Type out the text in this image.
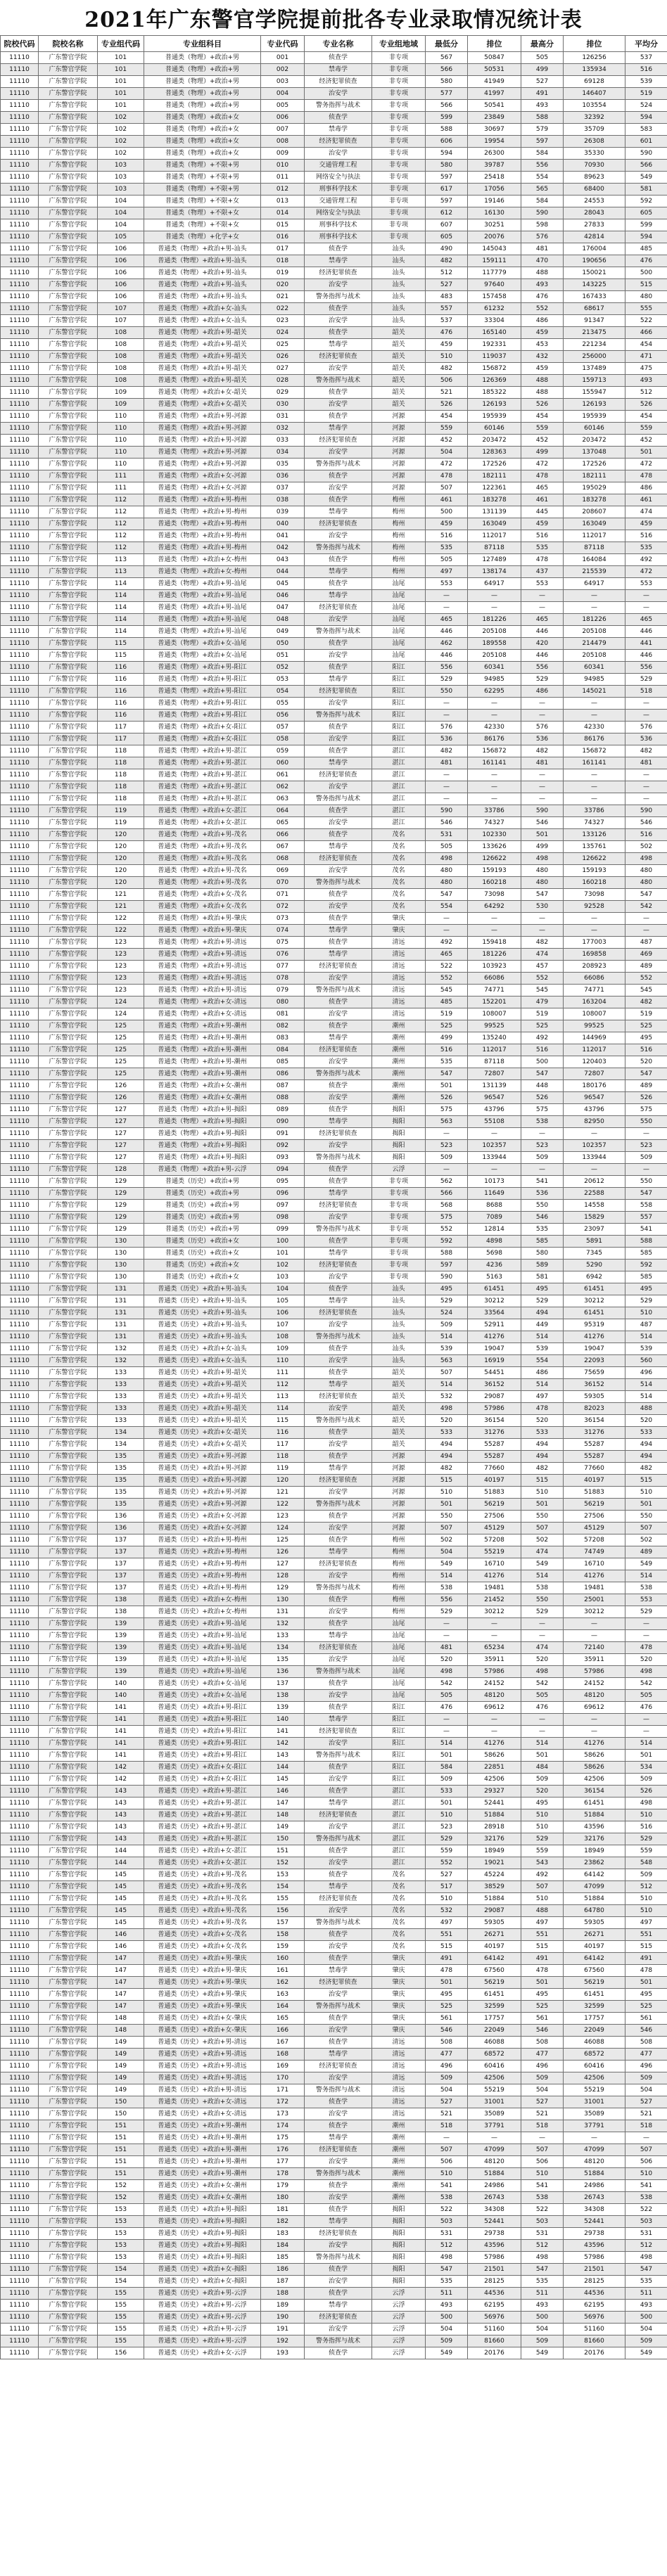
2021年广东警官学院提前批各专业录取情况统计表
院校代码	院校名称	专业组代码	专业组科目	专业代码	专业名称	专业组地域	最低分	排位	最高分	排位	平均分
11110	广东警官学院	101	普通类（物理）+政治+男	001	侦查学	非专项	567	50847	505	126256	537
11110	广东警官学院	101	普通类（物理）+政治+男	002	禁毒学	非专项	566	50531	499	135934	516
11110	广东警官学院	101	普通类（物理）+政治+男	003	经济犯罪侦查	非专项	580	41949	527	69128	539
11110	广东警官学院	101	普通类（物理）+政治+男	004	治安学	非专项	577	41997	491	146407	519
11110	广东警官学院	101	普通类（物理）+政治+男	005	警务指挥与战术	非专项	566	50541	493	103554	524
11110	广东警官学院	102	普通类（物理）+政治+女	006	侦查学	非专项	599	23849	588	32392	594
11110	广东警官学院	102	普通类（物理）+政治+女	007	禁毒学	非专项	588	30697	579	35709	583
11110	广东警官学院	102	普通类（物理）+政治+女	008	经济犯罪侦查	非专项	606	19954	597	26308	601
11110	广东警官学院	102	普通类（物理）+政治+女	009	治安学	非专项	594	26300	584	35330	590
11110	广东警官学院	103	普通类（物理）+不限+男	010	交通管理工程	非专项	580	39787	556	70930	566
11110	广东警官学院	103	普通类（物理）+不限+男	011	网络安全与执法	非专项	597	25418	554	89623	549
11110	广东警官学院	103	普通类（物理）+不限+男	012	刑事科学技术	非专项	617	17056	565	68400	581
11110	广东警官学院	104	普通类（物理）+不限+女	013	交通管理工程	非专项	597	19146	584	24553	592
11110	广东警官学院	104	普通类（物理）+不限+女	014	网络安全与执法	非专项	612	16130	590	28043	605
11110	广东警官学院	104	普通类（物理）+不限+女	015	刑事科学技术	非专项	607	30251	598	27833	599
11110	广东警官学院	105	普通类（物理）+化学+女	016	刑事科学技术	非专项	605	20076	576	42814	594
11110	广东警官学院	106	普通类（物理）+政治+男-汕头	017	侦查学	汕头	490	145043	481	176004	485
11110	广东警官学院	106	普通类（物理）+政治+男-汕头	018	禁毒学	汕头	482	159111	470	190656	476
11110	广东警官学院	106	普通类（物理）+政治+男-汕头	019	经济犯罪侦查	汕头	512	117779	488	150021	500
11110	广东警官学院	106	普通类（物理）+政治+男-汕头	020	治安学	汕头	527	97640	493	143225	515
11110	广东警官学院	106	普通类（物理）+政治+男-汕头	021	警务指挥与战术	汕头	483	157458	476	167433	480
11110	广东警官学院	107	普通类（物理）+政治+女-汕头	022	侦查学	汕头	557	61232	552	68617	555
11110	广东警官学院	107	普通类（物理）+政治+女-汕头	023	治安学	汕头	537	33304	486	91347	522
11110	广东警官学院	108	普通类（物理）+政治+男-韶关	024	侦查学	韶关	476	165140	459	213475	466
11110	广东警官学院	108	普通类（物理）+政治+男-韶关	025	禁毒学	韶关	459	192331	453	221234	454
11110	广东警官学院	108	普通类（物理）+政治+男-韶关	026	经济犯罪侦查	韶关	510	119037	432	256000	471
11110	广东警官学院	108	普通类（物理）+政治+男-韶关	027	治安学	韶关	482	156872	459	137489	475
11110	广东警官学院	108	普通类（物理）+政治+男-韶关	028	警务指挥与战术	韶关	506	126369	488	159713	493
11110	广东警官学院	109	普通类（物理）+政治+女-韶关	029	侦查学	韶关	521	185322	488	155947	512
11110	广东警官学院	109	普通类（物理）+政治+女-韶关	030	治安学	韶关	526	126193	526	126193	526
11110	广东警官学院	110	普通类（物理）+政治+男-河源	031	侦查学	河源	454	195939	454	195939	454
11110	广东警官学院	110	普通类（物理）+政治+男-河源	032	禁毒学	河源	559	60146	559	60146	559
11110	广东警官学院	110	普通类（物理）+政治+男-河源	033	经济犯罪侦查	河源	452	203472	452	203472	452
11110	广东警官学院	110	普通类（物理）+政治+男-河源	034	治安学	河源	504	128363	499	137048	501
11110	广东警官学院	110	普通类（物理）+政治+男-河源	035	警务指挥与战术	河源	472	172526	472	172526	472
11110	广东警官学院	111	普通类（物理）+政治+女-河源	036	侦查学	河源	478	182111	478	182111	478
11110	广东警官学院	111	普通类（物理）+政治+女-河源	037	治安学	河源	507	122361	465	195029	486
11110	广东警官学院	112	普通类（物理）+政治+男-梅州	038	侦查学	梅州	461	183278	461	183278	461
11110	广东警官学院	112	普通类（物理）+政治+男-梅州	039	禁毒学	梅州	500	131139	445	208607	474
11110	广东警官学院	112	普通类（物理）+政治+男-梅州	040	经济犯罪侦查	梅州	459	163049	459	163049	459
11110	广东警官学院	112	普通类（物理）+政治+男-梅州	041	治安学	梅州	516	112017	516	112017	516
11110	广东警官学院	112	普通类（物理）+政治+男-梅州	042	警务指挥与战术	梅州	535	87118	535	87118	535
11110	广东警官学院	113	普通类（物理）+政治+女-梅州	043	侦查学	梅州	505	127489	478	164084	492
11110	广东警官学院	113	普通类（物理）+政治+女-梅州	044	禁毒学	梅州	497	138174	437	215539	472
11110	广东警官学院	114	普通类（物理）+政治+男-汕尾	045	侦查学	汕尾	553	64917	553	64917	553
11110	广东警官学院	114	普通类（物理）+政治+男-汕尾	046	禁毒学	汕尾	—	—	—	—	—
11110	广东警官学院	114	普通类（物理）+政治+男-汕尾	047	经济犯罪侦查	汕尾	—	—	—	—	—
11110	广东警官学院	114	普通类（物理）+政治+男-汕尾	048	治安学	汕尾	465	181226	465	181226	465
11110	广东警官学院	114	普通类（物理）+政治+男-汕尾	049	警务指挥与战术	汕尾	446	205108	446	205108	446
11110	广东警官学院	115	普通类（物理）+政治+女-汕尾	050	侦查学	汕尾	462	189558	420	214479	441
11110	广东警官学院	115	普通类（物理）+政治+女-汕尾	051	治安学	汕尾	446	205108	446	205108	446
11110	广东警官学院	116	普通类（物理）+政治+男-阳江	052	侦查学	阳江	556	60341	556	60341	556
11110	广东警官学院	116	普通类（物理）+政治+男-阳江	053	禁毒学	阳江	529	94985	529	94985	529
11110	广东警官学院	116	普通类（物理）+政治+男-阳江	054	经济犯罪侦查	阳江	550	62295	486	145021	518
11110	广东警官学院	116	普通类（物理）+政治+男-阳江	055	治安学	阳江	—	—	—	—	—
11110	广东警官学院	116	普通类（物理）+政治+男-阳江	056	警务指挥与战术	阳江	—	—	—	—	—
11110	广东警官学院	117	普通类（物理）+政治+女-阳江	057	侦查学	阳江	576	42330	576	42330	576
11110	广东警官学院	117	普通类（物理）+政治+女-阳江	058	治安学	阳江	536	86176	536	86176	536
11110	广东警官学院	118	普通类（物理）+政治+男-湛江	059	侦查学	湛江	482	156872	482	156872	482
11110	广东警官学院	118	普通类（物理）+政治+男-湛江	060	禁毒学	湛江	481	161141	481	161141	481
11110	广东警官学院	118	普通类（物理）+政治+男-湛江	061	经济犯罪侦查	湛江	—	—	—	—	—
11110	广东警官学院	118	普通类（物理）+政治+男-湛江	062	治安学	湛江	—	—	—	—	—
11110	广东警官学院	118	普通类（物理）+政治+男-湛江	063	警务指挥与战术	湛江	—	—	—	—	—
11110	广东警官学院	119	普通类（物理）+政治+女-湛江	064	侦查学	湛江	590	33786	590	33786	590
11110	广东警官学院	119	普通类（物理）+政治+女-湛江	065	治安学	湛江	546	74327	546	74327	546
11110	广东警官学院	120	普通类（物理）+政治+男-茂名	066	侦查学	茂名	531	102330	501	133126	516
11110	广东警官学院	120	普通类（物理）+政治+男-茂名	067	禁毒学	茂名	505	133626	499	135761	502
11110	广东警官学院	120	普通类（物理）+政治+男-茂名	068	经济犯罪侦查	茂名	498	126622	498	126622	498
11110	广东警官学院	120	普通类（物理）+政治+男-茂名	069	治安学	茂名	480	159193	480	159193	480
11110	广东警官学院	120	普通类（物理）+政治+男-茂名	070	警务指挥与战术	茂名	480	160218	480	160218	480
11110	广东警官学院	121	普通类（物理）+政治+女-茂名	071	侦查学	茂名	547	73098	547	73098	547
11110	广东警官学院	121	普通类（物理）+政治+女-茂名	072	治安学	茂名	554	64292	530	92528	542
11110	广东警官学院	122	普通类（物理）+政治+男-肇庆	073	侦查学	肇庆	—	—	—	—	—
11110	广东警官学院	122	普通类（物理）+政治+男-肇庆	074	禁毒学	肇庆	—	—	—	—	—
11110	广东警官学院	123	普通类（物理）+政治+男-清远	075	侦查学	清远	492	159418	482	177003	487
11110	广东警官学院	123	普通类（物理）+政治+男-清远	076	禁毒学	清远	465	181226	474	169858	469
11110	广东警官学院	123	普通类（物理）+政治+男-清远	077	经济犯罪侦查	清远	522	103923	457	208923	489
11110	广东警官学院	123	普通类（物理）+政治+男-清远	078	治安学	清远	552	66086	552	66086	552
11110	广东警官学院	123	普通类（物理）+政治+男-清远	079	警务指挥与战术	清远	545	74771	545	74771	545
11110	广东警官学院	124	普通类（物理）+政治+女-清远	080	侦查学	清远	485	152201	479	163204	482
11110	广东警官学院	124	普通类（物理）+政治+女-清远	081	治安学	清远	519	108007	519	108007	519
11110	广东警官学院	125	普通类（物理）+政治+男-潮州	082	侦查学	潮州	525	99525	525	99525	525
11110	广东警官学院	125	普通类（物理）+政治+男-潮州	083	禁毒学	潮州	499	135240	492	144969	495
11110	广东警官学院	125	普通类（物理）+政治+男-潮州	084	经济犯罪侦查	潮州	516	112017	516	112017	516
11110	广东警官学院	125	普通类（物理）+政治+男-潮州	085	治安学	潮州	535	87118	500	120403	520
11110	广东警官学院	125	普通类（物理）+政治+男-潮州	086	警务指挥与战术	潮州	547	72807	547	72807	547
11110	广东警官学院	126	普通类（物理）+政治+女-潮州	087	侦查学	潮州	501	131139	448	180176	489
11110	广东警官学院	126	普通类（物理）+政治+女-潮州	088	治安学	潮州	526	96547	526	96547	526
11110	广东警官学院	127	普通类（物理）+政治+男-揭阳	089	侦查学	揭阳	575	43796	575	43796	575
11110	广东警官学院	127	普通类（物理）+政治+男-揭阳	090	禁毒学	揭阳	563	55108	538	82950	550
11110	广东警官学院	127	普通类（物理）+政治+男-揭阳	091	经济犯罪侦查	揭阳	—	—	—	—	—
11110	广东警官学院	127	普通类（物理）+政治+男-揭阳	092	治安学	揭阳	523	102357	523	102357	523
11110	广东警官学院	127	普通类（物理）+政治+男-揭阳	093	警务指挥与战术	揭阳	509	133944	509	133944	509
11110	广东警官学院	128	普通类（物理）+政治+男-云浮	094	侦查学	云浮	—	—	—	—	—
11110	广东警官学院	129	普通类（历史）+政治+男	095	侦查学	非专项	562	10173	541	20612	550
11110	广东警官学院	129	普通类（历史）+政治+男	096	禁毒学	非专项	566	11649	536	22588	547
11110	广东警官学院	129	普通类（历史）+政治+男	097	经济犯罪侦查	非专项	568	8688	550	14558	558
11110	广东警官学院	129	普通类（历史）+政治+男	098	治安学	非专项	575	7089	546	15829	557
11110	广东警官学院	129	普通类（历史）+政治+男	099	警务指挥与战术	非专项	552	12814	535	23097	541
11110	广东警官学院	130	普通类（历史）+政治+女	100	侦查学	非专项	592	4898	585	5891	588
11110	广东警官学院	130	普通类（历史）+政治+女	101	禁毒学	非专项	588	5698	580	7345	585
11110	广东警官学院	130	普通类（历史）+政治+女	102	经济犯罪侦查	非专项	597	4236	589	5290	592
11110	广东警官学院	130	普通类（历史）+政治+女	103	治安学	非专项	590	5163	581	6942	585
11110	广东警官学院	131	普通类（历史）+政治+男-汕头	104	侦查学	汕头	495	61451	495	61451	495
11110	广东警官学院	131	普通类（历史）+政治+男-汕头	105	禁毒学	汕头	529	30212	529	30212	529
11110	广东警官学院	131	普通类（历史）+政治+男-汕头	106	经济犯罪侦查	汕头	524	33564	494	61451	510
11110	广东警官学院	131	普通类（历史）+政治+男-汕头	107	治安学	汕头	509	52911	449	95319	487
11110	广东警官学院	131	普通类（历史）+政治+男-汕头	108	警务指挥与战术	汕头	514	41276	514	41276	514
11110	广东警官学院	132	普通类（历史）+政治+女-汕头	109	侦查学	汕头	539	19047	539	19047	539
11110	广东警官学院	132	普通类（历史）+政治+女-汕头	110	治安学	汕头	563	16919	554	22093	560
11110	广东警官学院	133	普通类（历史）+政治+男-韶关	111	侦查学	韶关	507	54451	486	75659	496
11110	广东警官学院	133	普通类（历史）+政治+男-韶关	112	禁毒学	韶关	514	36152	514	36152	514
11110	广东警官学院	133	普通类（历史）+政治+男-韶关	113	经济犯罪侦查	韶关	532	29087	497	59305	514
11110	广东警官学院	133	普通类（历史）+政治+男-韶关	114	治安学	韶关	498	57986	478	82023	488
11110	广东警官学院	133	普通类（历史）+政治+男-韶关	115	警务指挥与战术	韶关	520	36154	520	36154	520
11110	广东警官学院	134	普通类（历史）+政治+女-韶关	116	侦查学	韶关	533	31276	533	31276	533
11110	广东警官学院	134	普通类（历史）+政治+女-韶关	117	治安学	韶关	494	55287	494	55287	494
11110	广东警官学院	135	普通类（历史）+政治+男-河源	118	侦查学	河源	494	55287	494	55287	494
11110	广东警官学院	135	普通类（历史）+政治+男-河源	119	禁毒学	河源	482	77660	482	77660	482
11110	广东警官学院	135	普通类（历史）+政治+男-河源	120	经济犯罪侦查	河源	515	40197	515	40197	515
11110	广东警官学院	135	普通类（历史）+政治+男-河源	121	治安学	河源	510	51883	510	51883	510
11110	广东警官学院	135	普通类（历史）+政治+男-河源	122	警务指挥与战术	河源	501	56219	501	56219	501
11110	广东警官学院	136	普通类（历史）+政治+女-河源	123	侦查学	河源	550	27506	550	27506	550
11110	广东警官学院	136	普通类（历史）+政治+女-河源	124	治安学	河源	507	45129	507	45129	507
11110	广东警官学院	137	普通类（历史）+政治+男-梅州	125	侦查学	梅州	502	57208	502	57208	502
11110	广东警官学院	137	普通类（历史）+政治+男-梅州	126	禁毒学	梅州	504	55219	474	74749	489
11110	广东警官学院	137	普通类（历史）+政治+男-梅州	127	经济犯罪侦查	梅州	549	16710	549	16710	549
11110	广东警官学院	137	普通类（历史）+政治+男-梅州	128	治安学	梅州	514	41276	514	41276	514
11110	广东警官学院	137	普通类（历史）+政治+男-梅州	129	警务指挥与战术	梅州	538	19481	538	19481	538
11110	广东警官学院	138	普通类（历史）+政治+女-梅州	130	侦查学	梅州	556	21452	550	25001	553
11110	广东警官学院	138	普通类（历史）+政治+女-梅州	131	治安学	梅州	529	30212	529	30212	529
11110	广东警官学院	139	普通类（历史）+政治+男-汕尾	132	侦查学	汕尾	—	—	—	—	—
11110	广东警官学院	139	普通类（历史）+政治+男-汕尾	133	禁毒学	汕尾	—	—	—	—	—
11110	广东警官学院	139	普通类（历史）+政治+男-汕尾	134	经济犯罪侦查	汕尾	481	65234	474	72140	478
11110	广东警官学院	139	普通类（历史）+政治+男-汕尾	135	治安学	汕尾	520	35911	520	35911	520
11110	广东警官学院	139	普通类（历史）+政治+男-汕尾	136	警务指挥与战术	汕尾	498	57986	498	57986	498
11110	广东警官学院	140	普通类（历史）+政治+女-汕尾	137	侦查学	汕尾	542	24152	542	24152	542
11110	广东警官学院	140	普通类（历史）+政治+女-汕尾	138	治安学	汕尾	505	48120	505	48120	505
11110	广东警官学院	141	普通类（历史）+政治+男-阳江	139	侦查学	阳江	476	69612	476	69612	476
11110	广东警官学院	141	普通类（历史）+政治+男-阳江	140	禁毒学	阳江	—	—	—	—	—
11110	广东警官学院	141	普通类（历史）+政治+男-阳江	141	经济犯罪侦查	阳江	—	—	—	—	—
11110	广东警官学院	141	普通类（历史）+政治+男-阳江	142	治安学	阳江	514	41276	514	41276	514
11110	广东警官学院	141	普通类（历史）+政治+男-阳江	143	警务指挥与战术	阳江	501	58626	501	58626	501
11110	广东警官学院	142	普通类（历史）+政治+女-阳江	144	侦查学	阳江	584	22851	484	58626	534
11110	广东警官学院	142	普通类（历史）+政治+女-阳江	145	治安学	阳江	509	42506	509	42506	509
11110	广东警官学院	143	普通类（历史）+政治+男-湛江	146	侦查学	湛江	533	29327	520	36154	526
11110	广东警官学院	143	普通类（历史）+政治+男-湛江	147	禁毒学	湛江	501	52441	495	61451	498
11110	广东警官学院	143	普通类（历史）+政治+男-湛江	148	经济犯罪侦查	湛江	510	51884	510	51884	510
11110	广东警官学院	143	普通类（历史）+政治+男-湛江	149	治安学	湛江	523	28918	510	43596	516
11110	广东警官学院	143	普通类（历史）+政治+男-湛江	150	警务指挥与战术	湛江	529	32176	529	32176	529
11110	广东警官学院	144	普通类（历史）+政治+女-湛江	151	侦查学	湛江	559	18949	559	18949	559
11110	广东警官学院	144	普通类（历史）+政治+女-湛江	152	治安学	湛江	552	19021	543	23862	548
11110	广东警官学院	145	普通类（历史）+政治+男-茂名	153	侦查学	茂名	527	45224	492	64142	509
11110	广东警官学院	145	普通类（历史）+政治+男-茂名	154	禁毒学	茂名	517	38529	507	47099	512
11110	广东警官学院	145	普通类（历史）+政治+男-茂名	155	经济犯罪侦查	茂名	510	51884	510	51884	510
11110	广东警官学院	145	普通类（历史）+政治+男-茂名	156	治安学	茂名	532	29087	488	64780	510
11110	广东警官学院	145	普通类（历史）+政治+男-茂名	157	警务指挥与战术	茂名	497	59305	497	59305	497
11110	广东警官学院	146	普通类（历史）+政治+女-茂名	158	侦查学	茂名	551	26271	551	26271	551
11110	广东警官学院	146	普通类（历史）+政治+女-茂名	159	治安学	茂名	515	40197	515	40197	515
11110	广东警官学院	147	普通类（历史）+政治+男-肇庆	160	侦查学	肇庆	491	64142	491	64142	491
11110	广东警官学院	147	普通类（历史）+政治+男-肇庆	161	禁毒学	肇庆	478	67560	478	67560	478
11110	广东警官学院	147	普通类（历史）+政治+男-肇庆	162	经济犯罪侦查	肇庆	501	56219	501	56219	501
11110	广东警官学院	147	普通类（历史）+政治+男-肇庆	163	治安学	肇庆	495	61451	495	61451	495
11110	广东警官学院	147	普通类（历史）+政治+男-肇庆	164	警务指挥与战术	肇庆	525	32599	525	32599	525
11110	广东警官学院	148	普通类（历史）+政治+女-肇庆	165	侦查学	肇庆	561	17757	561	17757	561
11110	广东警官学院	148	普通类（历史）+政治+女-肇庆	166	治安学	肇庆	546	22049	546	22049	546
11110	广东警官学院	149	普通类（历史）+政治+男-清远	167	侦查学	清远	508	46088	508	46088	508
11110	广东警官学院	149	普通类（历史）+政治+男-清远	168	禁毒学	清远	477	68572	477	68572	477
11110	广东警官学院	149	普通类（历史）+政治+男-清远	169	经济犯罪侦查	清远	496	60416	496	60416	496
11110	广东警官学院	149	普通类（历史）+政治+男-清远	170	治安学	清远	509	42506	509	42506	509
11110	广东警官学院	149	普通类（历史）+政治+男-清远	171	警务指挥与战术	清远	504	55219	504	55219	504
11110	广东警官学院	150	普通类（历史）+政治+女-清远	172	侦查学	清远	527	31001	527	31001	527
11110	广东警官学院	150	普通类（历史）+政治+女-清远	173	治安学	清远	521	35089	521	35089	521
11110	广东警官学院	151	普通类（历史）+政治+男-潮州	174	侦查学	潮州	518	37791	518	37791	518
11110	广东警官学院	151	普通类（历史）+政治+男-潮州	175	禁毒学	潮州	—	—	—	—	—
11110	广东警官学院	151	普通类（历史）+政治+男-潮州	176	经济犯罪侦查	潮州	507	47099	507	47099	507
11110	广东警官学院	151	普通类（历史）+政治+男-潮州	177	治安学	潮州	506	48120	506	48120	506
11110	广东警官学院	151	普通类（历史）+政治+男-潮州	178	警务指挥与战术	潮州	510	51884	510	51884	510
11110	广东警官学院	152	普通类（历史）+政治+女-潮州	179	侦查学	潮州	541	24986	541	24986	541
11110	广东警官学院	152	普通类（历史）+政治+女-潮州	180	治安学	潮州	538	26743	538	26743	538
11110	广东警官学院	153	普通类（历史）+政治+男-揭阳	181	侦查学	揭阳	522	34308	522	34308	522
11110	广东警官学院	153	普通类（历史）+政治+男-揭阳	182	禁毒学	揭阳	503	52441	503	52441	503
11110	广东警官学院	153	普通类（历史）+政治+男-揭阳	183	经济犯罪侦查	揭阳	531	29738	531	29738	531
11110	广东警官学院	153	普通类（历史）+政治+男-揭阳	184	治安学	揭阳	512	43596	512	43596	512
11110	广东警官学院	153	普通类（历史）+政治+男-揭阳	185	警务指挥与战术	揭阳	498	57986	498	57986	498
11110	广东警官学院	154	普通类（历史）+政治+女-揭阳	186	侦查学	揭阳	547	21501	547	21501	547
11110	广东警官学院	154	普通类（历史）+政治+女-揭阳	187	治安学	揭阳	535	28125	535	28125	535
11110	广东警官学院	155	普通类（历史）+政治+男-云浮	188	侦查学	云浮	511	44536	511	44536	511
11110	广东警官学院	155	普通类（历史）+政治+男-云浮	189	禁毒学	云浮	493	62195	493	62195	493
11110	广东警官学院	155	普通类（历史）+政治+男-云浮	190	经济犯罪侦查	云浮	500	56976	500	56976	500
11110	广东警官学院	155	普通类（历史）+政治+男-云浮	191	治安学	云浮	504	51160	504	51160	504
11110	广东警官学院	155	普通类（历史）+政治+男-云浮	192	警务指挥与战术	云浮	509	81660	509	81660	509
11110	广东警官学院	156	普通类（历史）+政治+女-云浮	193	侦查学	云浮	549	20176	549	20176	549
